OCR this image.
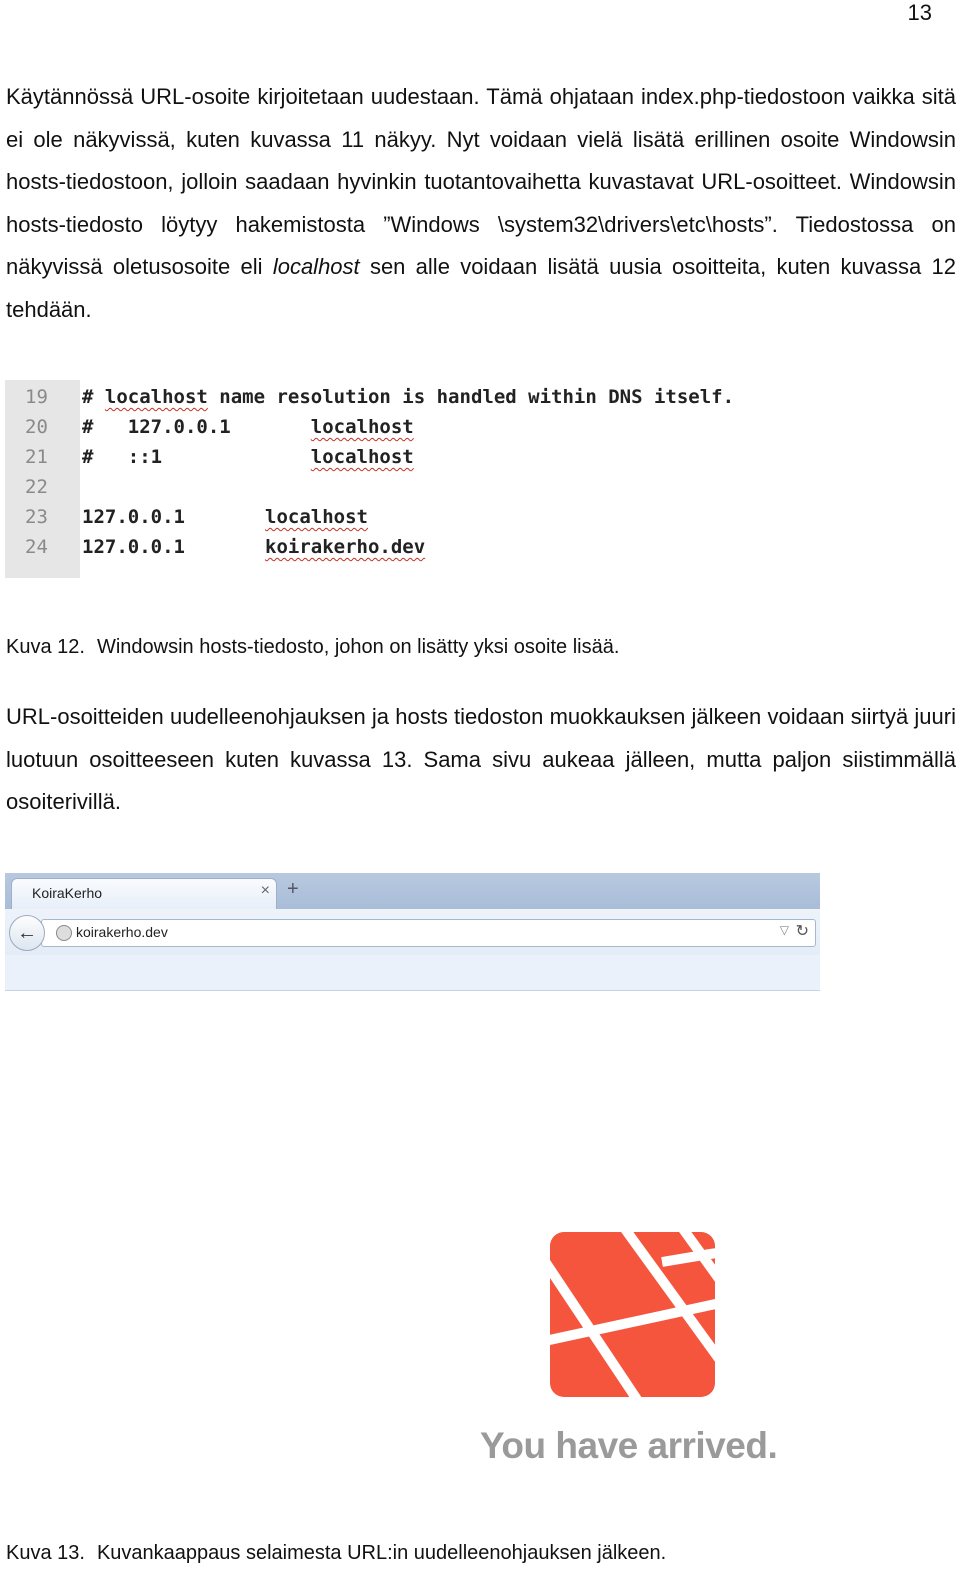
13

Käytännössä URL-osoite kirjoitetaan uudestaan. Tämä ohjataan index.php-tiedostoon vaikka sitä ei ole näkyvissä, kuten kuvassa 11 näkyy. Nyt voidaan vielä lisätä erillinen osoite Windowsin hosts-tiedostoon, jolloin saadaan hyvinkin tuotantovaihetta kuvastavat URL-osoitteet. Windowsin hosts-tiedosto löytyy hakemistosta ”Windows \system32\drivers\etc\hosts”. Tiedostossa on näkyvissä oletusosoite eli localhost sen alle voidaan lisätä uusia osoitteita, kuten kuvassa 12 tehdään.

19 # localhost name resolution is handled within DNS itself.
20 #   127.0.0.1       localhost
21 #   ::1             localhost
22
23 127.0.0.1       localhost
24 127.0.0.1       koirakerho.dev
Kuva 12. Windowsin hosts-tiedosto, johon on lisätty yksi osoite lisää.

URL-osoitteiden uudelleenohjauksen ja hosts tiedoston muokkauksen jälkeen voidaan siirtyä juuri luotuun osoitteeseen kuten kuvassa 13. Sama sivu aukeaa jälleen, mutta paljon siistimmällä osoiterivillä.

KoiraKerho	× +
←	koirakerho.dev	▽ ↻
You have arrived.
Kuva 13. Kuvankaappaus selaimesta URL:in uudelleenohjauksen jälkeen.
